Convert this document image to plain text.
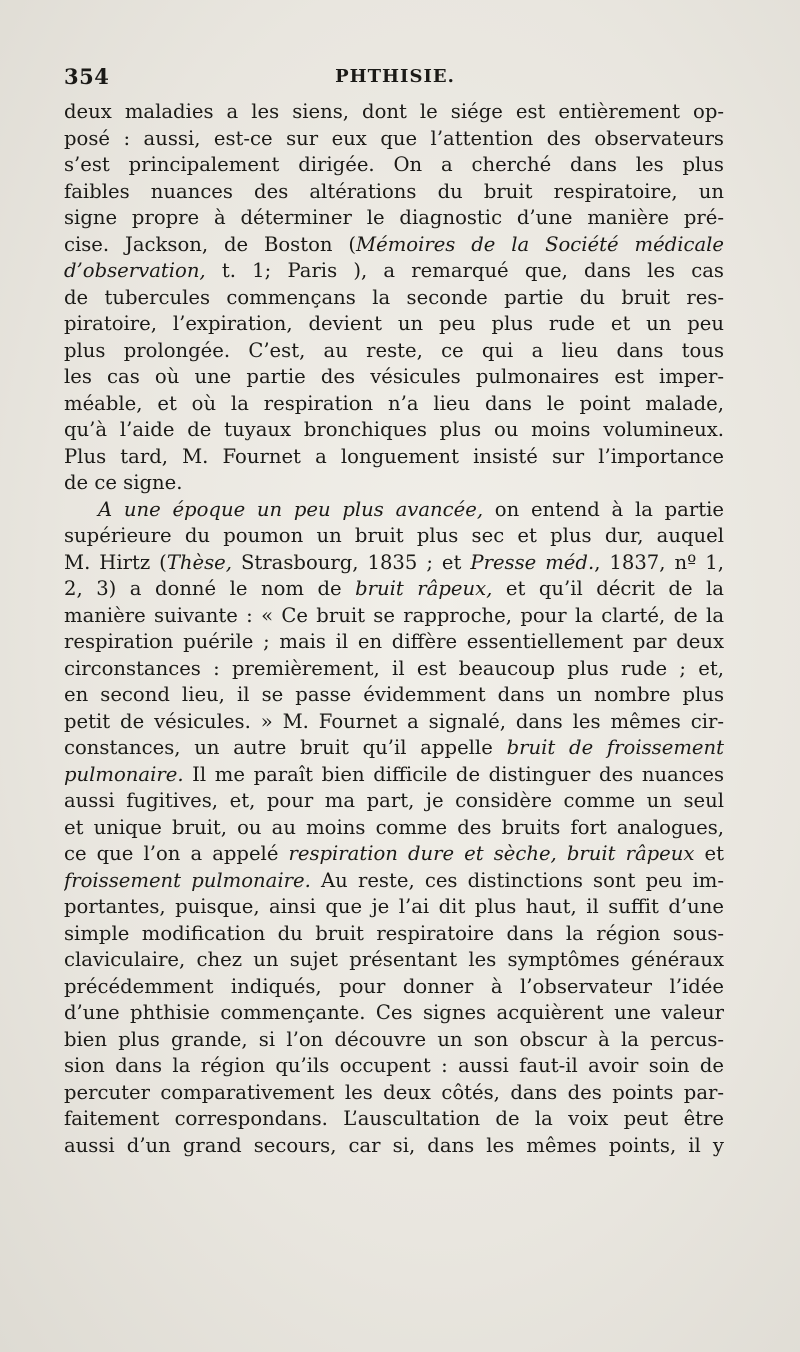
354	PHTHISIE.
deux maladies a les siens, dont le siége est entièrement op-
posé : aussi, est-ce sur eux que l’attention des observateurs
s’est principalement dirigée. On a cherché dans les plus
faibles nuances des altérations du bruit respiratoire, un
signe propre à déterminer le diagnostic d’une manière pré-
cise. Jackson, de Boston (Mémoires de la Société médicale
d’observation, t. 1; Paris ), a remarqué que, dans les cas
de tubercules commençans la seconde partie du bruit res-
piratoire, l’expiration, devient un peu plus rude et un peu
plus prolongée. C’est, au reste, ce qui a lieu dans tous
les cas où une partie des vésicules pulmonaires est imper-
méable, et où la respiration n’a lieu dans le point malade,
qu’à l’aide de tuyaux bronchiques plus ou moins volumineux.
Plus tard, M. Fournet a longuement insisté sur l’importance
de ce signe.
A une époque un peu plus avancée, on entend à la partie
supérieure du poumon un bruit plus sec et plus dur, auquel
M. Hirtz (Thèse, Strasbourg, 1835 ; et Presse méd., 1837, nº 1,
2, 3) a donné le nom de bruit râpeux, et qu’il décrit de la
manière suivante : « Ce bruit se rapproche, pour la clarté, de la
respiration puérile ; mais il en diffère essentiellement par deux
circonstances : premièrement, il est beaucoup plus rude ; et,
en second lieu, il se passe évidemment dans un nombre plus
petit de vésicules. » M. Fournet a signalé, dans les mêmes cir-
constances, un autre bruit qu’il appelle bruit de froissement
pulmonaire. Il me paraît bien difficile de distinguer des nuances
aussi fugitives, et, pour ma part, je considère comme un seul
et unique bruit, ou au moins comme des bruits fort analogues,
ce que l’on a appelé respiration dure et sèche, bruit râpeux et
froissement pulmonaire. Au reste, ces distinctions sont peu im-
portantes, puisque, ainsi que je l’ai dit plus haut, il suffit d’une
simple modification du bruit respiratoire dans la région sous-
claviculaire, chez un sujet présentant les symptômes généraux
précédemment indiqués, pour donner à l’observateur l’idée
d’une phthisie commençante. Ces signes acquièrent une valeur
bien plus grande, si l’on découvre un son obscur à la percus-
sion dans la région qu’ils occupent : aussi faut-il avoir soin de
percuter comparativement les deux côtés, dans des points par-
faitement correspondans. L’auscultation de la voix peut être
aussi d’un grand secours, car si, dans les mêmes points, il y
